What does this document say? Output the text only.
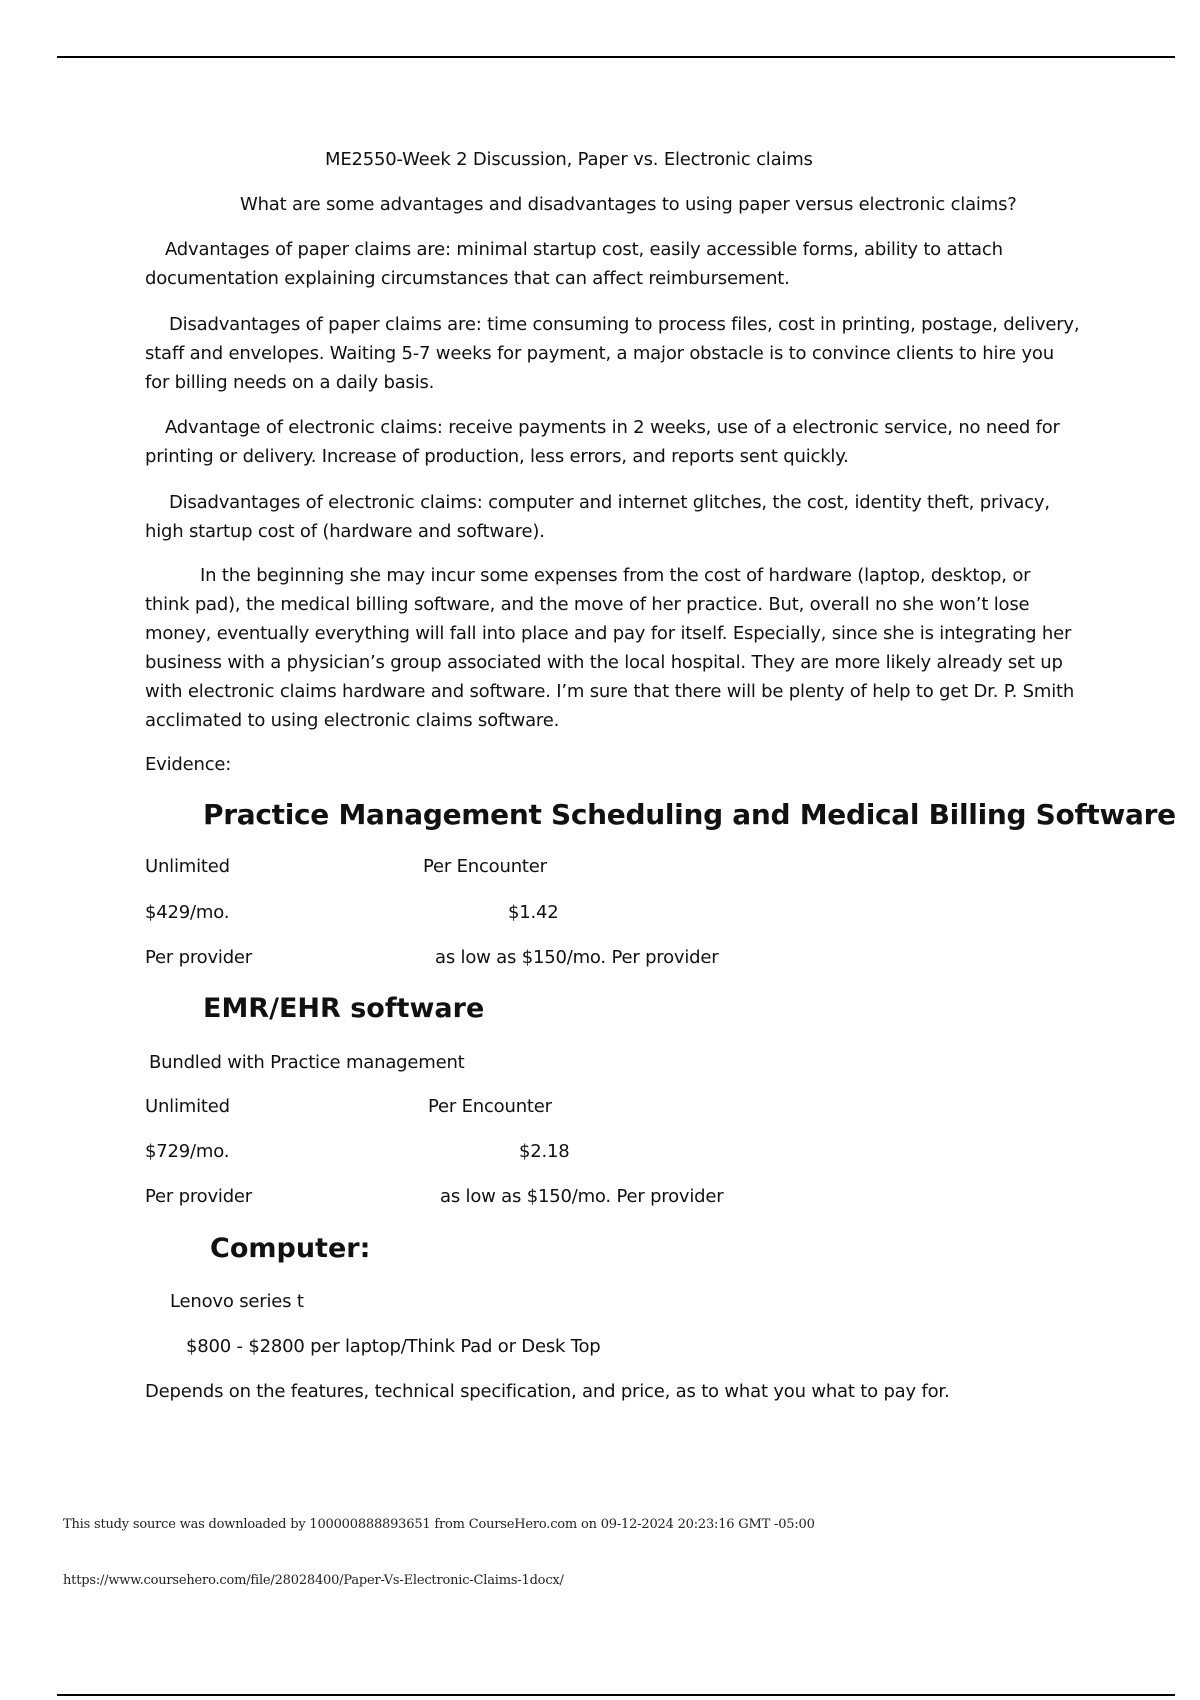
ME2550-Week 2 Discussion, Paper vs. Electronic claims
What are some advantages and disadvantages to using paper versus electronic claims?
Advantages of paper claims are: minimal startup cost, easily accessible forms, ability to attach documentation explaining circumstances that can affect reimbursement.
Disadvantages of paper claims are: time consuming to process files, cost in printing, postage, delivery, staff and envelopes. Waiting 5-7 weeks for payment, a major obstacle is to convince clients to hire you for billing needs on a daily basis.
Advantage of electronic claims: receive payments in 2 weeks, use of a electronic service, no need for printing or delivery. Increase of production, less errors, and reports sent quickly.
Disadvantages of electronic claims: computer and internet glitches, the cost, identity theft, privacy, high startup cost of (hardware and software).
In the beginning she may incur some expenses from the cost of hardware (laptop, desktop, or think pad), the medical billing software, and the move of her practice. But, overall no she won’t lose money, eventually everything will fall into place and pay for itself. Especially, since she is integrating her business with a physician’s group associated with the local hospital. They are more likely already set up with electronic claims hardware and software. I’m sure that there will be plenty of help to get Dr. P. Smith acclimated to using electronic claims software.
Evidence:
Practice Management Scheduling and Medical Billing Software
Unlimited	Per Encounter
$429/mo.	$1.42
Per provider	as low as $150/mo. Per provider
EMR/EHR software
Bundled with Practice management
Unlimited	Per Encounter
$729/mo.	$2.18
Per provider	as low as $150/mo. Per provider
Computer:
Lenovo series t
$800 - $2800 per laptop/Think Pad or Desk Top
Depends on the features, technical specification, and price, as to what you what to pay for.
This study source was downloaded by 100000888893651 from CourseHero.com on 09-12-2024 20:23:16 GMT -05:00
https://www.coursehero.com/file/28028400/Paper-Vs-Electronic-Claims-1docx/
